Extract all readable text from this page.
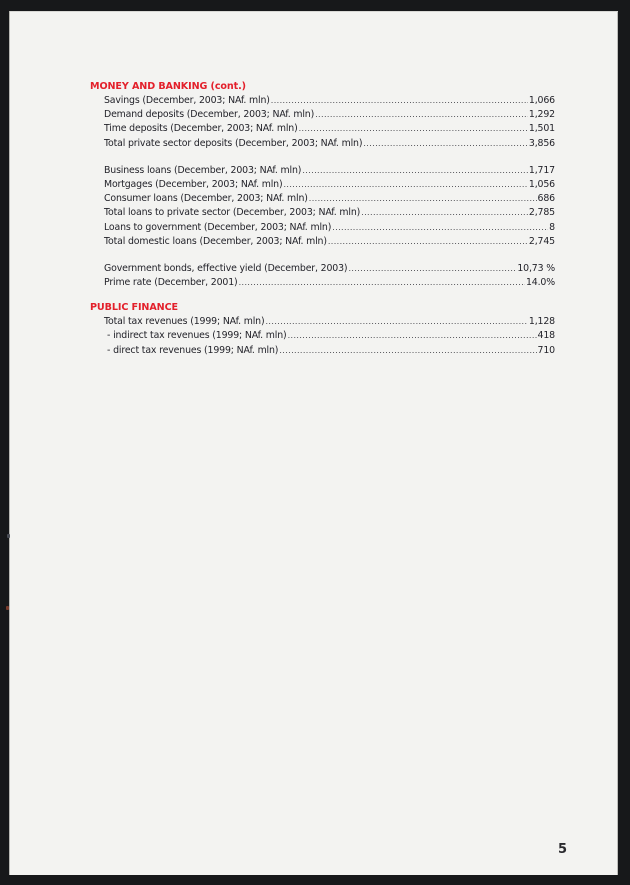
MONEY AND BANKING (cont.)
Savings (December, 2003; NAf. mln) .....	1,066
Demand deposits (December, 2003; NAf. mln) .....	1,292
Time deposits (December, 2003; NAf. mln) .....	1,501
Total private sector deposits (December, 2003; NAf. mln) .....	3,856
Business loans (December, 2003; NAf. mln) .....	1,717
Mortgages (December, 2003; NAf. mln) .....	1,056
Consumer loans (December, 2003; NAf. mln) .....	686
Total loans to private sector (December, 2003; NAf. mln) .....	2,785
Loans to government (December, 2003; NAf. mln) .....	8
Total domestic loans (December, 2003; NAf. mln) .....	2,745
Government bonds, effective yield (December, 2003) .....	10,73 %
Prime rate (December, 2001) .....	14.0%
PUBLIC FINANCE
Total tax revenues (1999; NAf. mln) .....	1,128
- indirect tax revenues (1999; NAf. mln) .....	418
- direct tax revenues (1999; NAf. mln) .....	710
5
